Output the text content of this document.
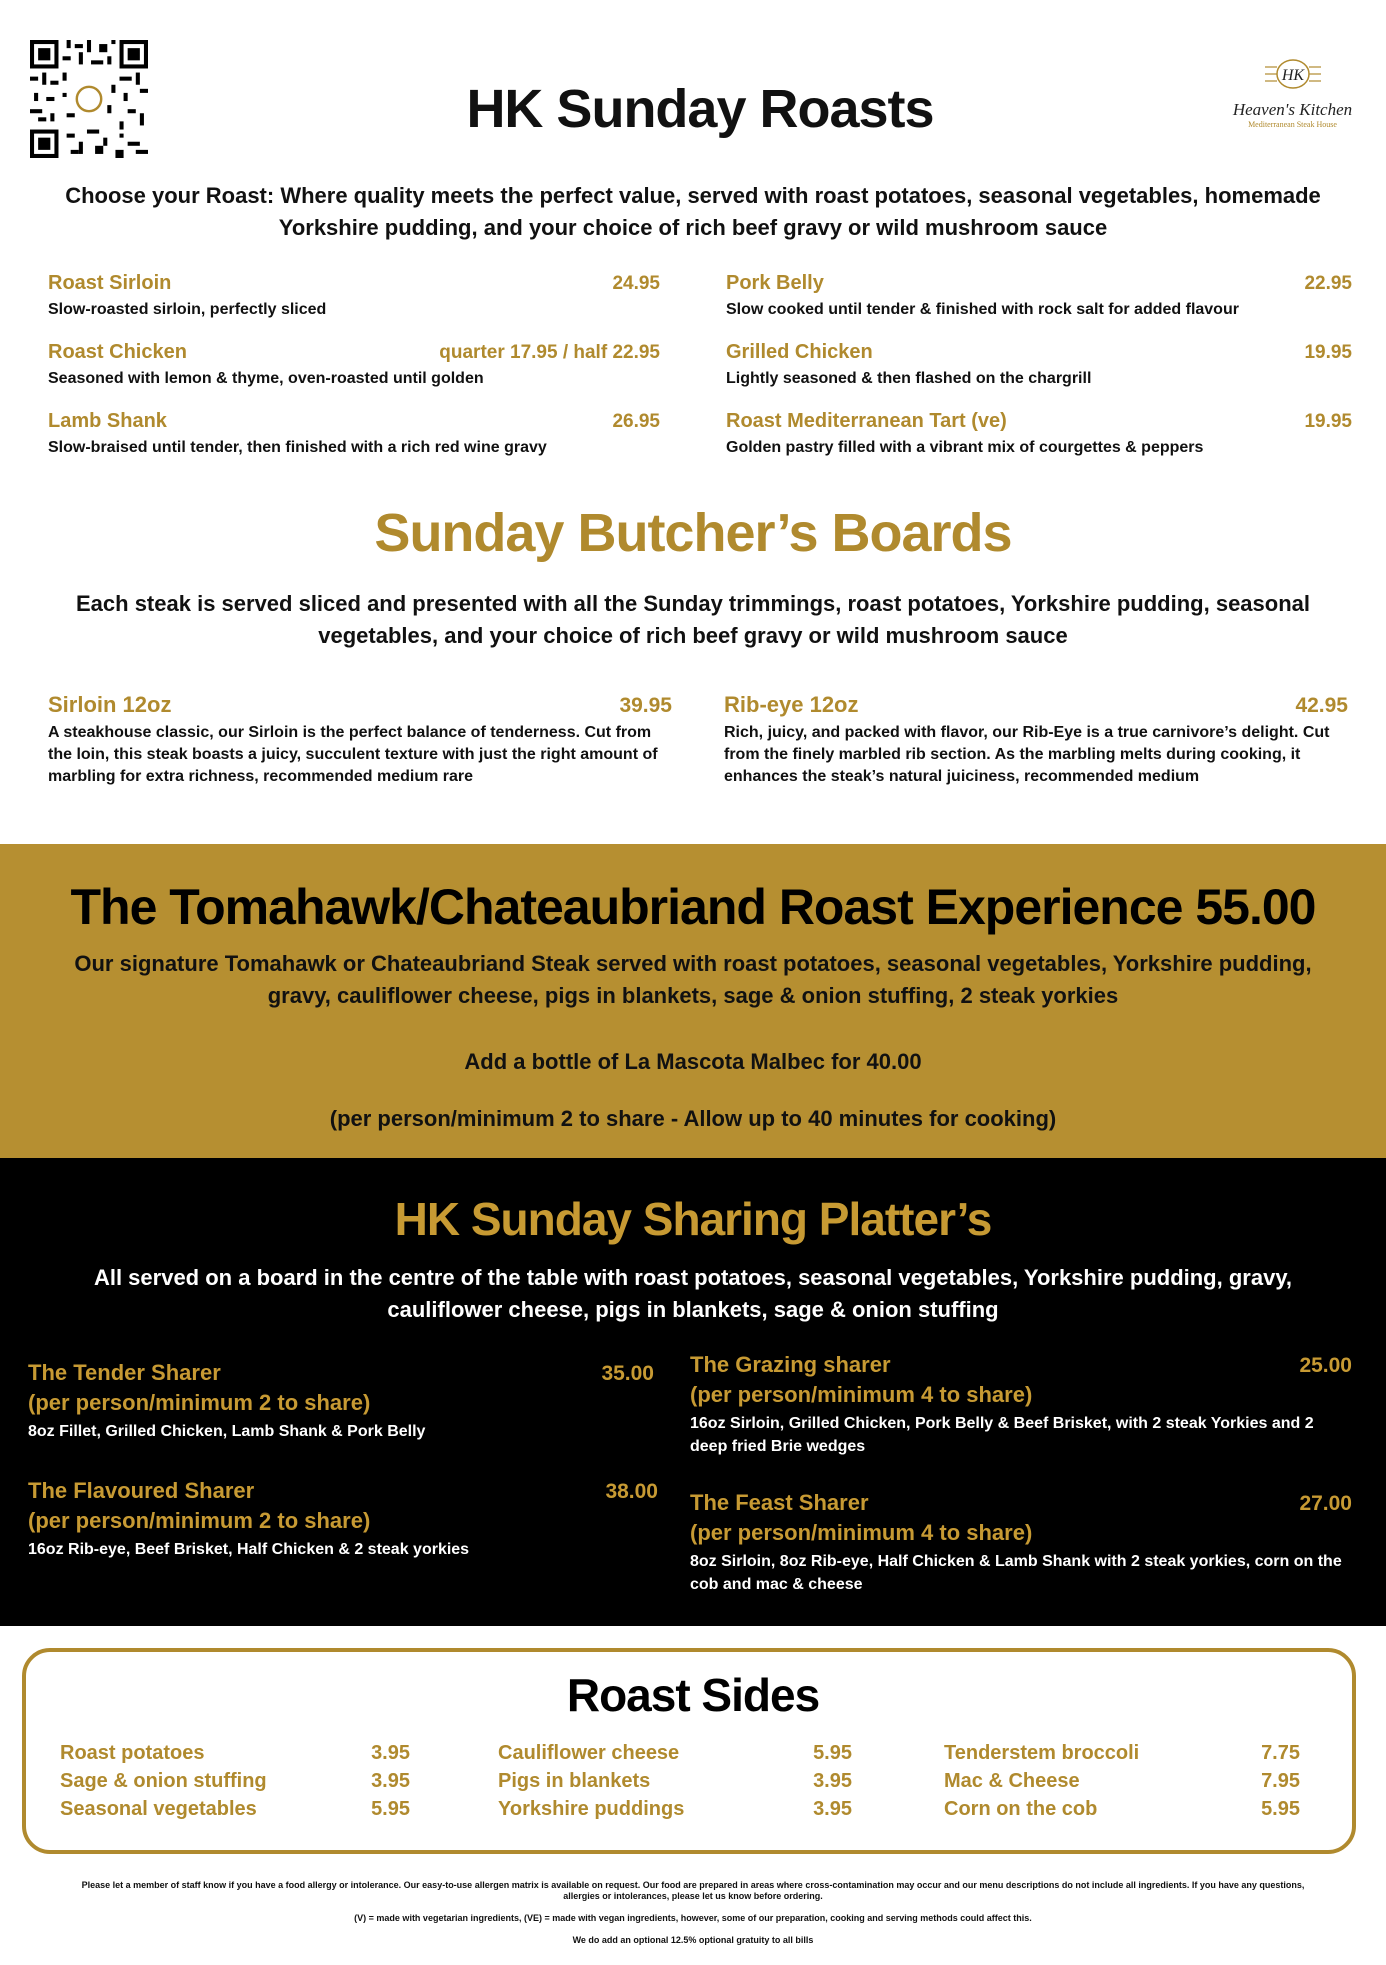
HK
Heaven's Kitchen
Mediterranean Steak House
HK Sunday Roasts
Choose your Roast: Where quality meets the perfect value, served with roast potatoes, seasonal vegetables, homemade Yorkshire pudding, and your choice of rich beef gravy or wild mushroom sauce
Roast Sirloin	24.95
Slow-roasted sirloin, perfectly sliced
Pork Belly	22.95
Slow cooked until tender & finished with rock salt for added flavour
Roast Chicken	quarter 17.95 / half 22.95
Seasoned with lemon & thyme, oven-roasted until golden
Grilled Chicken	19.95
Lightly seasoned & then flashed on the chargrill
Lamb Shank	26.95
Slow-braised until tender, then finished with a rich red wine gravy
Roast Mediterranean Tart (ve)	19.95
Golden pastry filled with a vibrant mix of courgettes & peppers
Sunday Butcher’s Boards
Each steak is served sliced and presented with all the Sunday trimmings, roast potatoes, Yorkshire pudding, seasonal vegetables, and your choice of rich beef gravy or wild mushroom sauce
Sirloin 12oz	39.95
A steakhouse classic, our Sirloin is the perfect balance of tenderness. Cut from the loin, this steak boasts a juicy, succulent texture with just the right amount of marbling for extra richness, recommended medium rare
Rib-eye 12oz	42.95
Rich, juicy, and packed with flavor, our Rib-Eye is a true carnivore’s delight. Cut from the finely marbled rib section. As the marbling melts during cooking, it enhances the steak’s natural juiciness, recommended medium
The Tomahawk/Chateaubriand Roast Experience 55.00
Our signature Tomahawk or Chateaubriand Steak served with roast potatoes, seasonal vegetables, Yorkshire pudding, gravy, cauliflower cheese, pigs in blankets, sage & onion stuffing, 2 steak yorkies
Add a bottle of La Mascota Malbec for 40.00
(per person/minimum 2 to share - Allow up to 40 minutes for cooking)
HK Sunday Sharing Platter’s
All served on a board in the centre of the table with roast potatoes, seasonal vegetables, Yorkshire pudding, gravy, cauliflower cheese, pigs in blankets, sage & onion stuffing
The Tender Sharer	35.00
(per person/minimum 2 to share)
8oz Fillet, Grilled Chicken, Lamb Shank & Pork Belly
The Grazing sharer	25.00
(per person/minimum 4 to share)
16oz Sirloin, Grilled Chicken, Pork Belly & Beef Brisket, with 2 steak Yorkies and 2 deep fried Brie wedges
The Flavoured Sharer	38.00
(per person/minimum 2 to share)
16oz Rib-eye, Beef Brisket, Half Chicken & 2 steak yorkies
The Feast Sharer	27.00
(per person/minimum 4 to share)
8oz Sirloin, 8oz Rib-eye, Half Chicken & Lamb Shank with 2 steak yorkies, corn on the cob and mac & cheese
Roast Sides
Roast potatoes	3.95
Sage & onion stuffing	3.95
Seasonal vegetables	5.95
Cauliflower cheese	5.95
Pigs in blankets	3.95
Yorkshire puddings	3.95
Tenderstem broccoli	7.75
Mac & Cheese	7.95
Corn on the cob	5.95
Please let a member of staff know if you have a food allergy or intolerance. Our easy-to-use allergen matrix is available on request. Our food are prepared in areas where cross-contamination may occur and our menu descriptions do not include all ingredients. If you have any questions, allergies or intolerances, please let us know before ordering.
(V) = made with vegetarian ingredients, (VE) = made with vegan ingredients, however, some of our preparation, cooking and serving methods could affect this.
We do add an optional 12.5% optional gratuity to all bills
